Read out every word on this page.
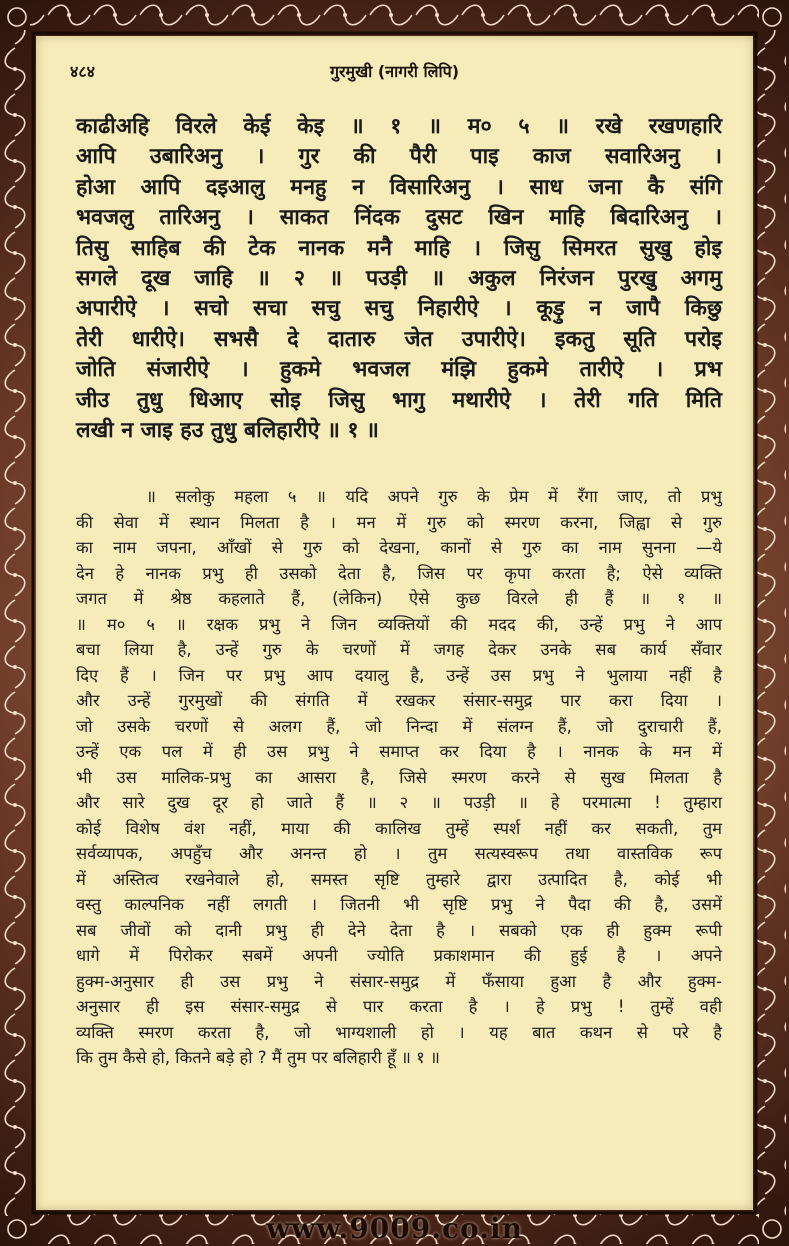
४८४	गुरमुखी (नागरी लिपि)
काढीअहि विरले केई केइ ॥ १ ॥ म० ५ ॥ रखे रखणहारि
आपि उबारिअनु । गुर की पैरी पाइ काज सवारिअनु ।
होआ आपि दइआलु मनहु न विसारिअनु । साध जना कै संगि
भवजलु तारिअनु । साकत निंदक दुसट खिन माहि बिदारिअनु ।
तिसु साहिब की टेक नानक मनै माहि । जिसु सिमरत सुखु होइ
सगले दूख जाहि ॥ २ ॥ पउड़ी ॥ अकुल निरंजन पुरखु अगमु
अपारीऐ । सचो सचा सचु सचु निहारीऐ । कूड़ु न जापै किछु
तेरी धारीऐ। सभसै दे दातारु जेत उपारीऐ। इकतु सूति परोइ
जोति संजारीऐ । हुकमे भवजल मंझि हुकमे तारीऐ । प्रभ
जीउ तुधु धिआए सोइ जिसु भागु मथारीऐ । तेरी गति मिति
लखी न जाइ हउ तुधु बलिहारीऐ ॥ १ ॥
॥ सलोकु महला ५ ॥ यदि अपने गुरु के प्रेम में रँगा जाए, तो प्रभु
की सेवा में स्थान मिलता है । मन में गुरु को स्मरण करना, जिह्वा से गुरु
का नाम जपना, आँखों से गुरु को देखना, कानों से गुरु का नाम सुनना —ये
देन हे नानक प्रभु ही उसको देता है, जिस पर कृपा करता है; ऐसे व्यक्ति
जगत में श्रेष्ठ कहलाते हैं, (लेकिन) ऐसे कुछ विरले ही हैं ॥ १ ॥
॥ म० ५ ॥ रक्षक प्रभु ने जिन व्यक्तियों की मदद की, उन्हें प्रभु ने आप
बचा लिया है, उन्हें गुरु के चरणों में जगह देकर उनके सब कार्य सँवार
दिए हैं । जिन पर प्रभु आप दयालु है, उन्हें उस प्रभु ने भुलाया नहीं है
और उन्हें गुरमुखों की संगति में रखकर संसार-समुद्र पार करा दिया ।
जो उसके चरणों से अलग हैं, जो निन्दा में संलग्न हैं, जो दुराचारी हैं,
उन्हें एक पल में ही उस प्रभु ने समाप्त कर दिया है । नानक के मन में
भी उस मालिक-प्रभु का आसरा है, जिसे स्मरण करने से सुख मिलता है
और सारे दुख दूर हो जाते हैं ॥ २ ॥ पउड़ी ॥ हे परमात्मा ! तुम्हारा
कोई विशेष वंश नहीं, माया की कालिख तुम्हें स्पर्श नहीं कर सकती, तुम
सर्वव्यापक, अपहुँच और अनन्त हो । तुम सत्यस्वरूप तथा वास्तविक रूप
में अस्तित्व रखनेवाले हो, समस्त सृष्टि तुम्हारे द्वारा उत्पादित है, कोई भी
वस्तु काल्पनिक नहीं लगती । जितनी भी सृष्टि प्रभु ने पैदा की है, उसमें
सब जीवों को दानी प्रभु ही देने देता है । सबको एक ही हुक्म रूपी
धागे में पिरोकर सबमें अपनी ज्योति प्रकाशमान की हुई है । अपने
हुक्म-अनुसार ही उस प्रभु ने संसार-समुद्र में फँसाया हुआ है और हुक्म-
अनुसार ही इस संसार-समुद्र से पार करता है । हे प्रभु ! तुम्हें वही
व्यक्ति स्मरण करता है, जो भाग्यशाली हो । यह बात कथन से परे है
कि तुम कैसे हो, कितने बड़े हो ? मैं तुम पर बलिहारी हूँ ॥ १ ॥
www.9009.co.in
